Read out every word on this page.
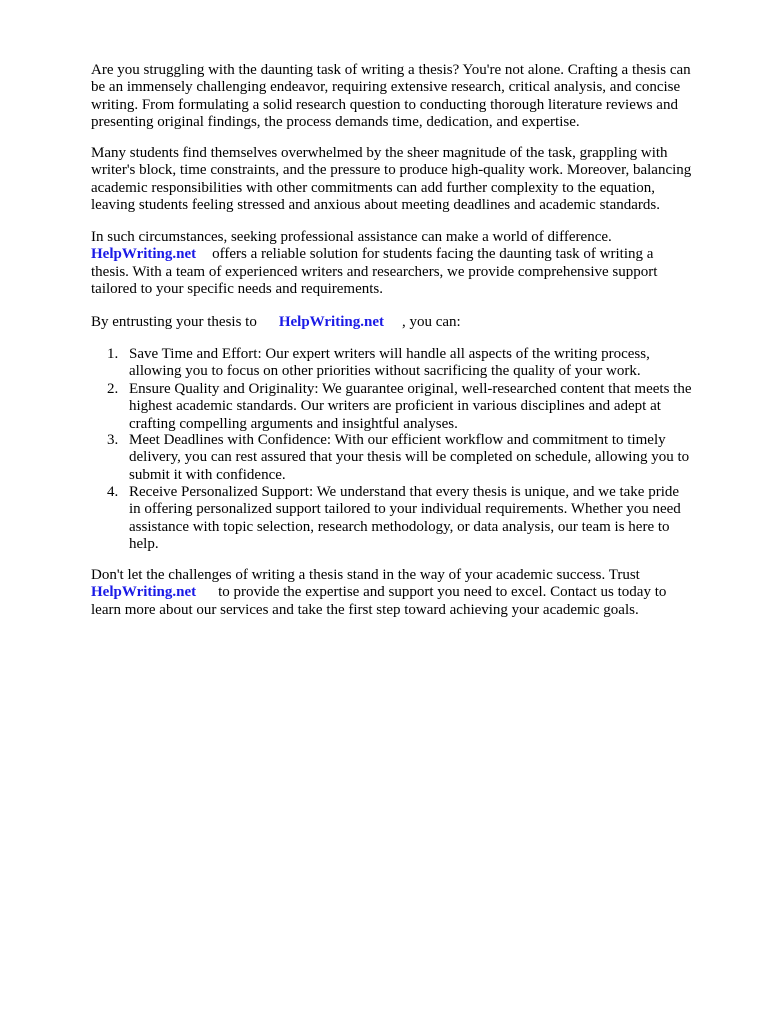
Are you struggling with the daunting task of writing a thesis? You're not alone. Crafting a thesis can
be an immensely challenging endeavor, requiring extensive research, critical analysis, and concise
writing. From formulating a solid research question to conducting thorough literature reviews and
presenting original findings, the process demands time, dedication, and expertise.
Many students find themselves overwhelmed by the sheer magnitude of the task, grappling with
writer's block, time constraints, and the pressure to produce high-quality work. Moreover, balancing
academic responsibilities with other commitments can add further complexity to the equation,
leaving students feeling stressed and anxious about meeting deadlines and academic standards.
In such circumstances, seeking professional assistance can make a world of difference.
HelpWriting.net offers a reliable solution for students facing the daunting task of writing a
thesis. With a team of experienced writers and researchers, we provide comprehensive support
tailored to your specific needs and requirements.
By entrusting your thesis to HelpWriting.net , you can:
1. Save Time and Effort: Our expert writers will handle all aspects of the writing process,
allowing you to focus on other priorities without sacrificing the quality of your work.
2. Ensure Quality and Originality: We guarantee original, well-researched content that meets the
highest academic standards. Our writers are proficient in various disciplines and adept at
crafting compelling arguments and insightful analyses.
3. Meet Deadlines with Confidence: With our efficient workflow and commitment to timely
delivery, you can rest assured that your thesis will be completed on schedule, allowing you to
submit it with confidence.
4. Receive Personalized Support: We understand that every thesis is unique, and we take pride
in offering personalized support tailored to your individual requirements. Whether you need
assistance with topic selection, research methodology, or data analysis, our team is here to
help.
Don't let the challenges of writing a thesis stand in the way of your academic success. Trust
HelpWriting.net to provide the expertise and support you need to excel. Contact us today to
learn more about our services and take the first step toward achieving your academic goals.
